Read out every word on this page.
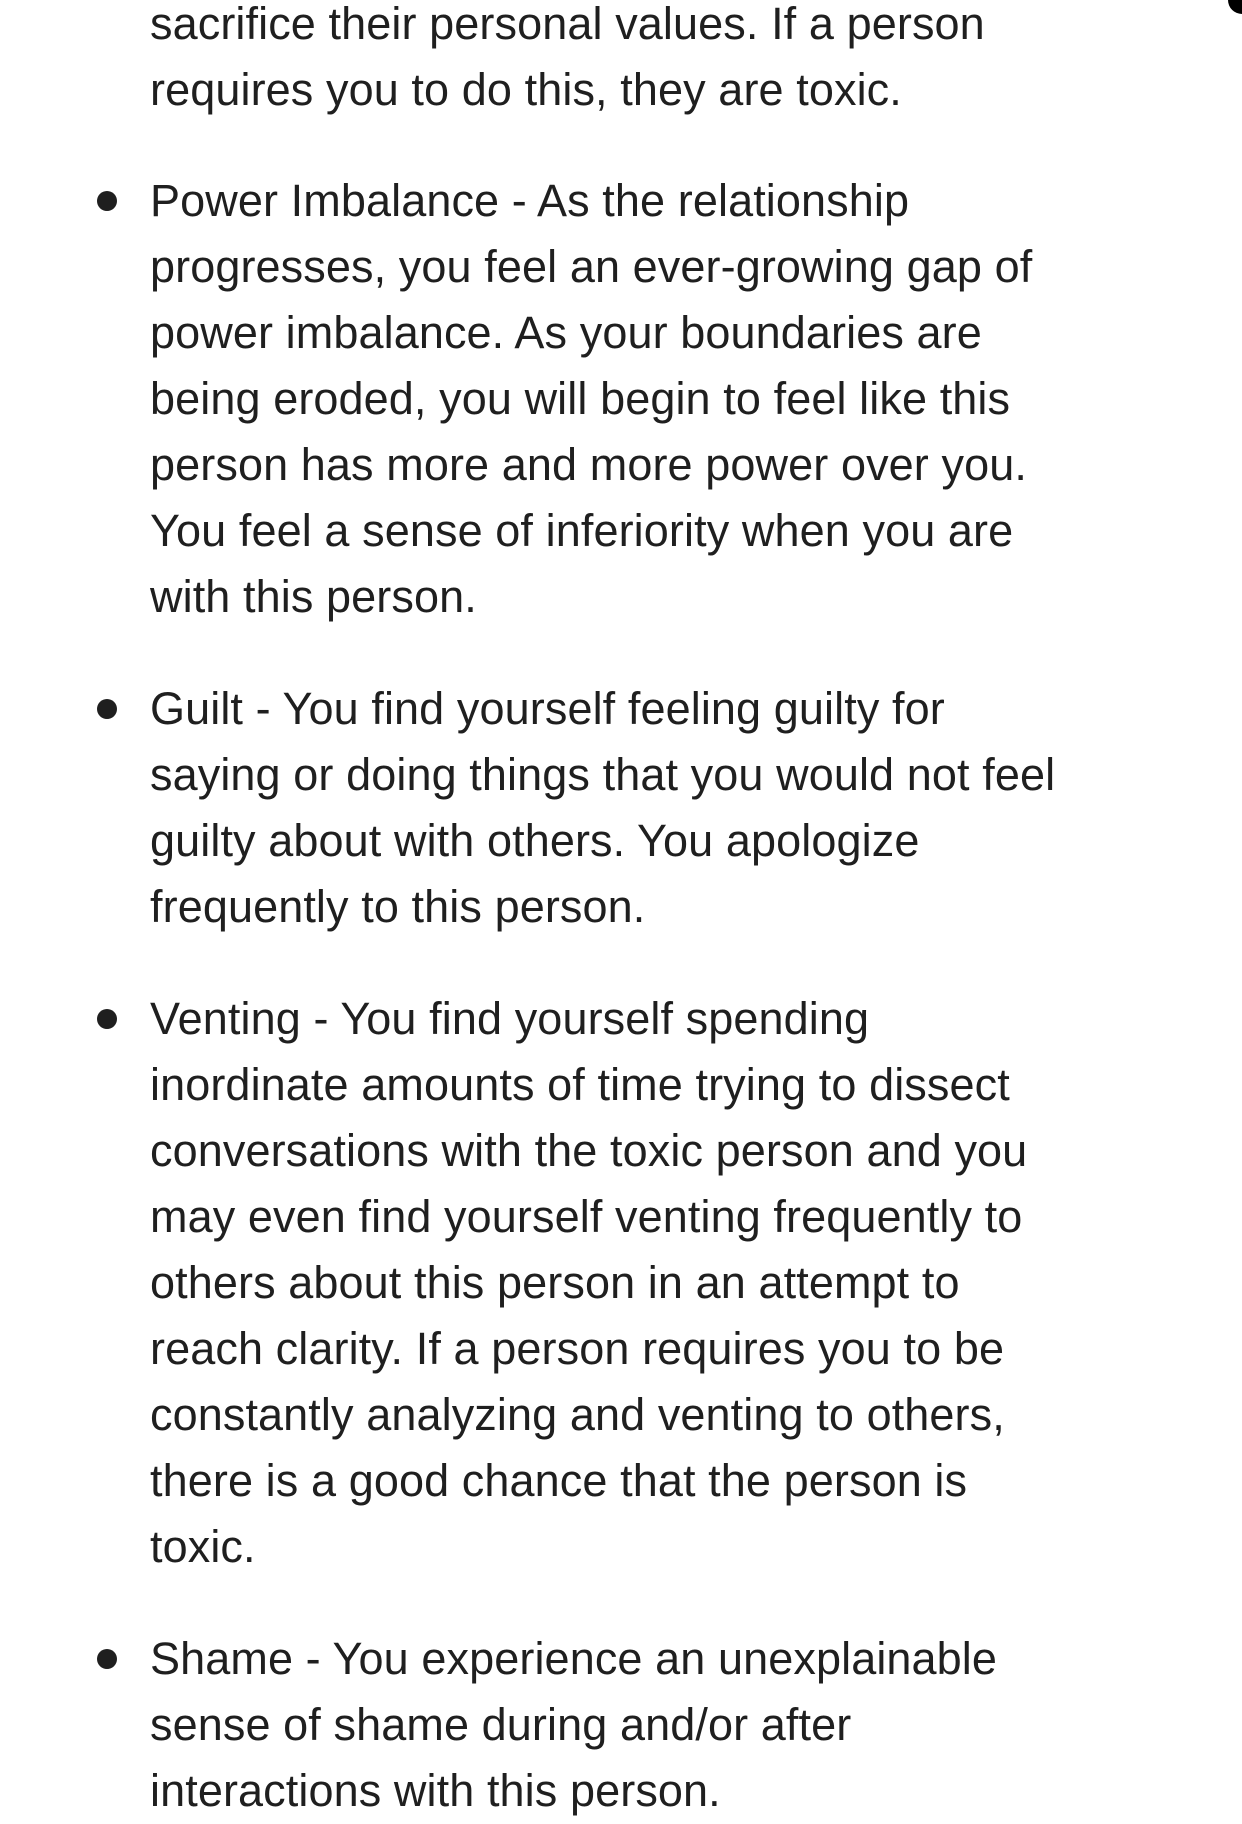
sacrifice their personal values. If a person
requires you to do this, they are toxic.
Power Imbalance - As the relationship
progresses, you feel an ever-growing gap of
power imbalance. As your boundaries are
being eroded, you will begin to feel like this
person has more and more power over you.
You feel a sense of inferiority when you are
with this person.
Guilt - You find yourself feeling guilty for
saying or doing things that you would not feel
guilty about with others. You apologize
frequently to this person.
Venting - You find yourself spending
inordinate amounts of time trying to dissect
conversations with the toxic person and you
may even find yourself venting frequently to
others about this person in an attempt to
reach clarity. If a person requires you to be
constantly analyzing and venting to others,
there is a good chance that the person is
toxic.
Shame - You experience an unexplainable
sense of shame during and/or after
interactions with this person.
